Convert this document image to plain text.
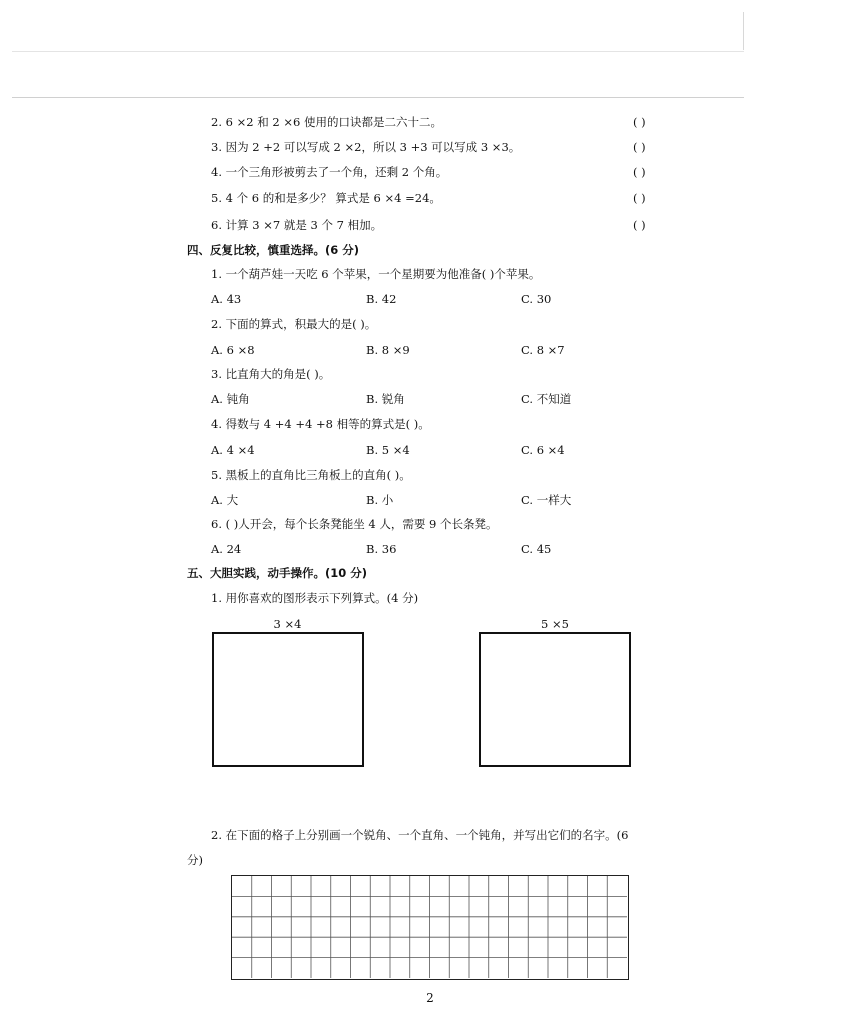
2. 6 ×2 和 2 ×6 使用的口诀都是二六十二。	( )
3. 因为 2 +2 可以写成 2 ×2，所以 3 +3 可以写成 3 ×3。	( )
4. 一个三角形被剪去了一个角，还剩 2 个角。	( )
5. 4 个 6 的和是多少？ 算式是 6 ×4 =24。	( )
6. 计算 3 ×7 就是 3 个 7 相加。	( )
四、反复比较，慎重选择。(6 分)
1. 一个葫芦娃一天吃 6 个苹果，一个星期要为他准备( )个苹果。
A. 43	B. 42	C. 30
2. 下面的算式，积最大的是( )。
A. 6 ×8	B. 8 ×9	C. 8 ×7
3. 比直角大的角是( )。
A. 钝角	B. 锐角	C. 不知道
4. 得数与 4 +4 +4 +8 相等的算式是( )。
A. 4 ×4	B. 5 ×4	C. 6 ×4
5. 黑板上的直角比三角板上的直角( )。
A. 大	B. 小	C. 一样大
6. ( )人开会，每个长条凳能坐 4 人，需要 9 个长条凳。
A. 24	B. 36	C. 45
五、大胆实践，动手操作。(10 分)
1. 用你喜欢的图形表示下列算式。(4 分)
3 ×4	5 ×5
2. 在下面的格子上分别画一个锐角、一个直角、一个钝角，并写出它们的名字。(6
分)
2
